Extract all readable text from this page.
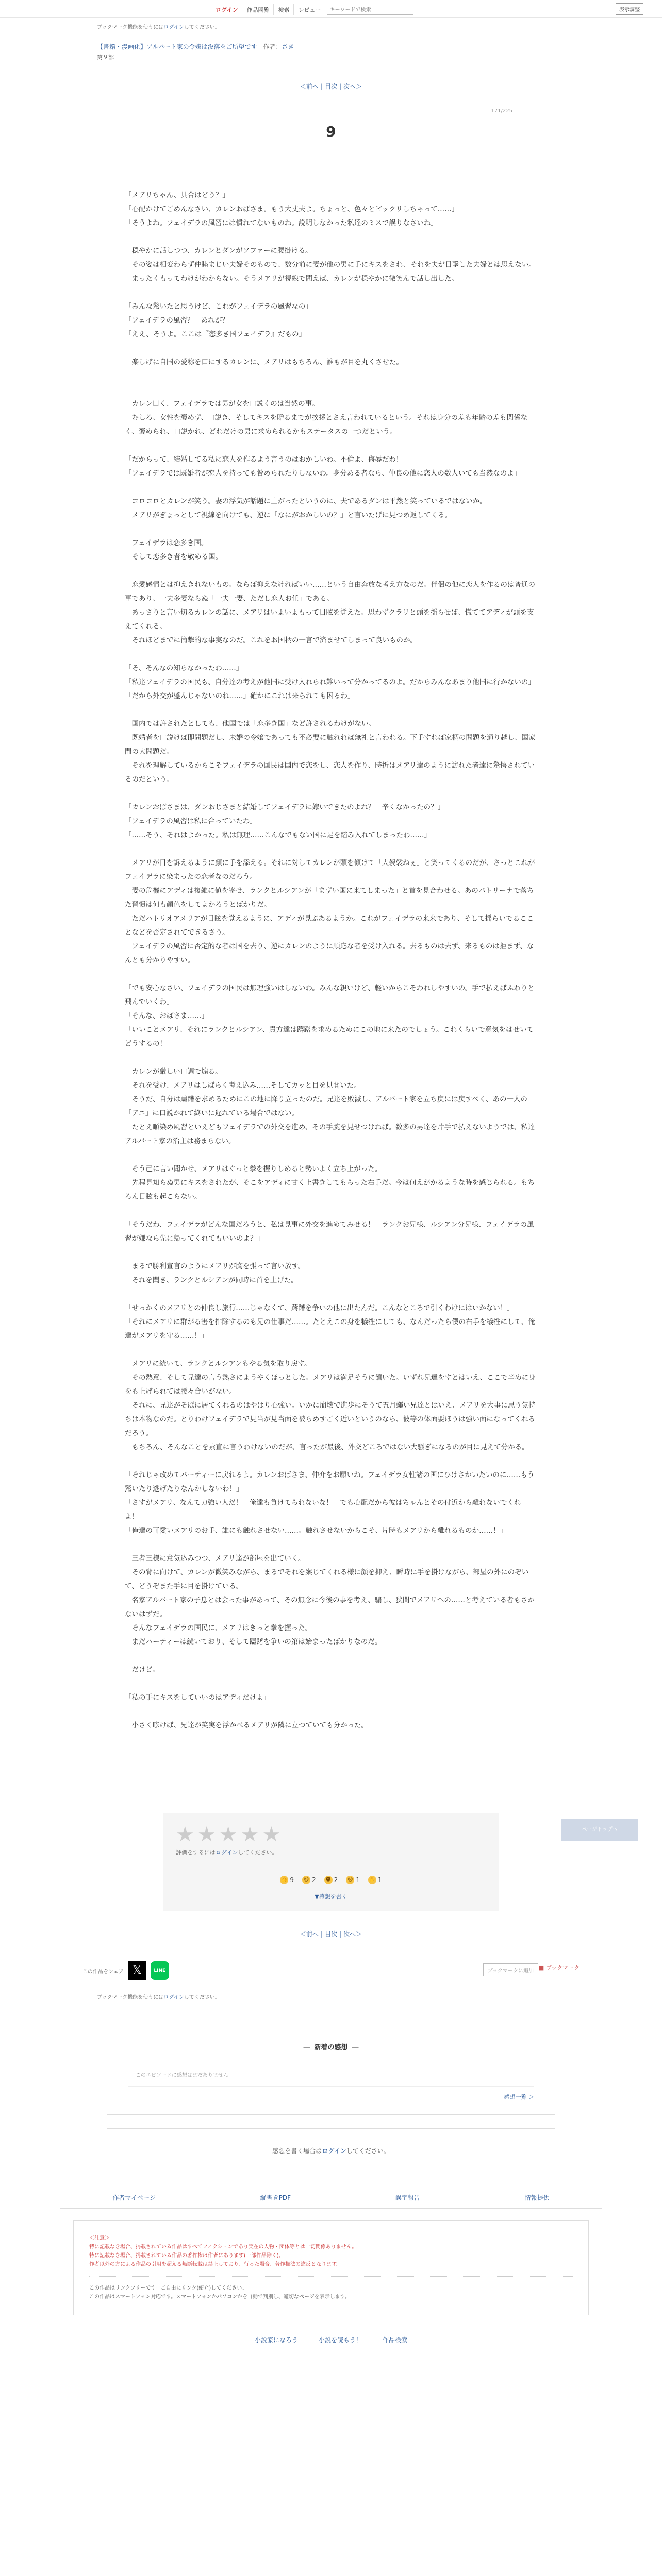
ログイン	作品閲覧	検索	レビュー
キーワードで検索	表示調整
ブックマーク機能を使うにはログインしてください。
【書籍・漫画化】アルバート家の令嬢は没落をご所望です 作者：さき
第９部
＜前へ | 目次 | 次へ＞
171/225
9

「メアリちゃん、具合はどう？」

「心配かけてごめんなさい、カレンおばさま。もう大丈夫よ。ちょっと、色々とビックリしちゃって……」

「そうよね。フェイデラの風習には慣れてないものね。説明しなかった私達のミスで誤りなさいね」

　穏やかに話しつつ、カレンとダンがソファーに腰掛ける。

　その姿は相変わらず仲睦まじい夫婦そのもので、数分前に妻が他の男に手にキスをされ、それを夫が目撃した夫婦とは思えない。

　まったくもってわけがわからない。そうメアリが視線で問えば、カレンが穏やかに微笑んで話し出した。

「みんな驚いたと思うけど、これがフェイデラの風習なの」

「フェイデラの風習？　あれが？」

「ええ、そうよ。ここは『恋多き国フェイデラ』だもの」

　楽しげに自国の愛称を口にするカレンに、メアリはもちろん、誰もが目を丸くさせた。

　カレン曰く、フェイデラでは男が女を口説くのは当然の事。

　むしろ、女性を褒めず、口説き、そしてキスを贈るまでが挨拶とさえ言われているという。それは身分の差も年齢の差も関係なく、褒められ、口説かれ、どれだけの男に求められるかもステータスの一つだという。

「だからって、結婚してる私に恋人を作るよう言うのはおかしいわ。不倫よ、侮辱だわ！」

「フェイデラでは既婚者が恋人を持っても咎められたりしないわ。身分ある者なら、仲良の他に恋人の数人いても当然なのよ」

　コロコロとカレンが笑う。妻の浮気が話題に上がったというのに、夫であるダンは平然と笑っているではないか。

　メアリがぎょっとして視線を向けても、逆に「なにがおかしいの？」と言いたげに見つめ返してくる。

　フェイデラは恋多き国。

　そして恋多き者を敬める国。

　恋愛感情とは抑えきれないもの。ならば抑えなければいい……という自由奔放な考え方なのだ。伴侶の他に恋人を作るのは普通の事であり、一夫多妻ならぬ「一夫一妻、ただし恋人お任」である。

　あっさりと言い切るカレンの話に、メアリはいよいよもって目眩を覚えた。思わずクラリと頭を揺らせば、慌ててアディが頭を支えてくれる。

　それほどまでに衝撃的な事実なのだ。これをお国柄の一言で済ませてしまって良いものか。

「そ、そんなの知らなかったわ……」

「私達フェイデラの国民も、自分達の考えが他国に受け入れられ難いって分かってるのよ。だからみんなあまり他国に行かないの」

「だから外交が盛んじゃないのね……」確かにこれは来られても困るわ」

　国内では許されたとしても、他国では「恋多き国」など許されるわけがない。

　既婚者を口説けば即問題だし、未婚の令嬢であっても不必要に触れれば無礼と言われる。下手すれば家柄の問題を通り越し、国家間の大問題だ。

　それを理解しているからこそフェイデラの国民は国内で恋をし、恋人を作り、時折はメアリ達のように訪れた者達に驚愕されているのだという。

「カレンおばさまは、ダンおじさまと結婚してフェイデラに嫁いできたのよね？　辛くなかったの？」

「フェイデラの風習は私に合っていたわ」

「……そう、それはよかった。私は無理……こんなでもない国に足を踏み入れてしまったわ……」

　メアリが目を訴えるように顔に手を添える。それに対してカレンが頭を傾けて「大袈裟ねぇ」と笑ってくるのだが、さっとこれがフェイデラに染まったの恋者なのだろう。

　妻の危機にアディは複雑に値を寄せ、ランクとルシアンが「まずい国に来てしまった」と首を見合わせる。あのパトリーナで落ちた習慣は何も顔色をしてよかろうとばかりだ。

　ただパトリオアメリアが目眩を覚えるように、アディが見ぶあるようか。これがフェイデラの来来であり、そして揺らいでるこことなどを否定されてできるさう。

　フェイデラの風習に否定的な者は国を去り、逆にカレンのように順応な者を受け入れる。去るものは去ず、来るものは拒まず、なんとも分かりやすい。

「でも安心なさい、フェイデラの国民は無理強いはしないわ。みんな親いけど、軽いからこそわれしやすいの。手で払えばふわりと飛んでいくわ」

「そんな、おばさま……」

「いいことメアリ、それにランクとルシアン、貴方達は躊躇を求めるためにこの地に来たのでしょう。これくらいで意気をはせいてどうするの！」

　カレンが厳しい口調で煽る。

　それを受け、メアリはしばらく考え込み……そしてカッと目を見開いた。

　そうだ、自分は躊躇を求めるためにこの地に降り立ったのだ。兄達を敗滅し、アルバート家を立ち戻には戻すべく、あの一人の「アニ」に口説かれて終いに遅れている場合ではない。

　たとえ順染め風習といえどもフェイデラでの外交を進め、その手腕を見せつけねば。数多の男達を片手で払えないようでは、私達アルバート家の治主は務まらない。

　そう己に言い聞かせ、メアリはぐっと拳を握りしめると勢いよく立ち上がった。

　先程見知らぬ男にキスをされたが、そこをアディに甘く上書きしてもらった右手だ。今は何えがかるような時を感じられる。もちろん目眩も起こらない。

「そうだわ、フェイデラがどんな国だろうと、私は見事に外交を進めてみせる！　ランクお兄様、ルシアン分兄様、フェイデラの風習が嫌なら先に帰ってくれてもいいのよ？」

　まるで勝利宣言のようにメアリが胸を張って言い放す。

　それを聞き、ランクとルシアンが同時に首を上げた。

「せっかくのメアリとの仲良し旅行……じゃなくて、躊躇を争いの他に出たんだ。こんなところで引くわけにはいかない！」

「それにメアリに群がる害を排除するのも兄の仕事だ……。たとえこの身を犠牲にしても、なんだったら僕の右手を犠牲にして、俺達がメアリを守る……！」

　メアリに続いて、ランクとルシアンもやる気を取り戻す。

　その熱意、そして兄達の言う熱さにようやくほっとした。メアリは満足そうに頷いた。いずれ兄達をすとはいえ、ここで辛めに身をも上げられては腰々合いがない。

　それに、兄達がそばに居てくれるのはやはり心強い。いかに崩壊で進歩にそうて五月蠅い兄達とはいえ、メアリを大事に思う気持ちは本物なのだ。とりわけフェイデラで見当が見当面を被らめすごく近いというのなら、彼等の体面要ほうは強い面になってくれるだろう。

　もちろん、そんなことを素直に言うわけないのだが、言ったが最後、外交どころではない大騒ぎになるのが目に見えて分かる。

「それじゃ改めてパーティーに戻れるよ。カレンおばさま、仲介をお願いね。フェイデラ女性諸の国にひけさかいたいのに……もう驚いたり逃げたりなんかしないわ！」

「さすがメアリ、なんて力強い人だ！　俺達も負けてられないな！　でも心配だから彼はちゃんとその付近から離れないでくれよ！」

「俺達の可愛いメアリのお手、誰にも触れさせない……。触れさせないからこそ、片時もメアリから離れるものか……！」

　三者三様に意気込みつつ、メアリ達が部屋を出ていく。

　その背に向けて、カレンが微笑みながら、まるでそれを案じてくれる様に顔を抑え、瞬時に手を掛けながら、部屋の外にのぞいて、どうぞまた手に目を掛けている。

　名家アルバート家の子息とは会った事があって、その無念に今後の事を考え、騙し、狭間でメアリへの……と考えている者もさかないはずだ。

　そんなフェイデラの国民に、メアリはきっと拳を握った。

　まだパーティーは続いており、そして躊躇を争いの第は始まったばかりなのだ。

　だけど。

「私の手にキスをしていいのはアディだけよ」

　小さく呟けば、兄達が笑実を浮かべるメアリが隣に立つていても分かった。

★ ★ ★ ★ ★
評価をするにはログインしてください。
👍 9 ☺ 2 ☻ 2 ☹ 1 ✋ 1
▼感想を書く
＜前へ | 目次 | 次へ＞
この作品をシェア 𝕏	LINE	ブックマークに追加 ■ ブックマーク
ブックマーク機能を使うにはログインしてください。
― 新着の感想 ―
このエピソードに感想はまだありません。
感想一覧 ＞
感想を書く場合はログインしてください。
作者マイページ	縦書きPDF	誤字報告	情報提供
＜注意＞
特に記載なき場合、掲載されている作品はすべてフィクションであり実在の人物・団体等とは一切関係ありません。
特に記載なき場合、掲載されている作品の著作権は作者にあります(一部作品除く)。
作者以外の方による作品の引用を超える無断転載は禁止しており、行った場合、著作権法の違反となります。
この作品はリンクフリーです。ご自由にリンク(紹介)してください。
この作品はスマートフォン対応です。スマートフォンかパソコンかを自動で判別し、適切なページを表示します。
小説家になろう	小説を読もう！	作品検索
ページトップへ
